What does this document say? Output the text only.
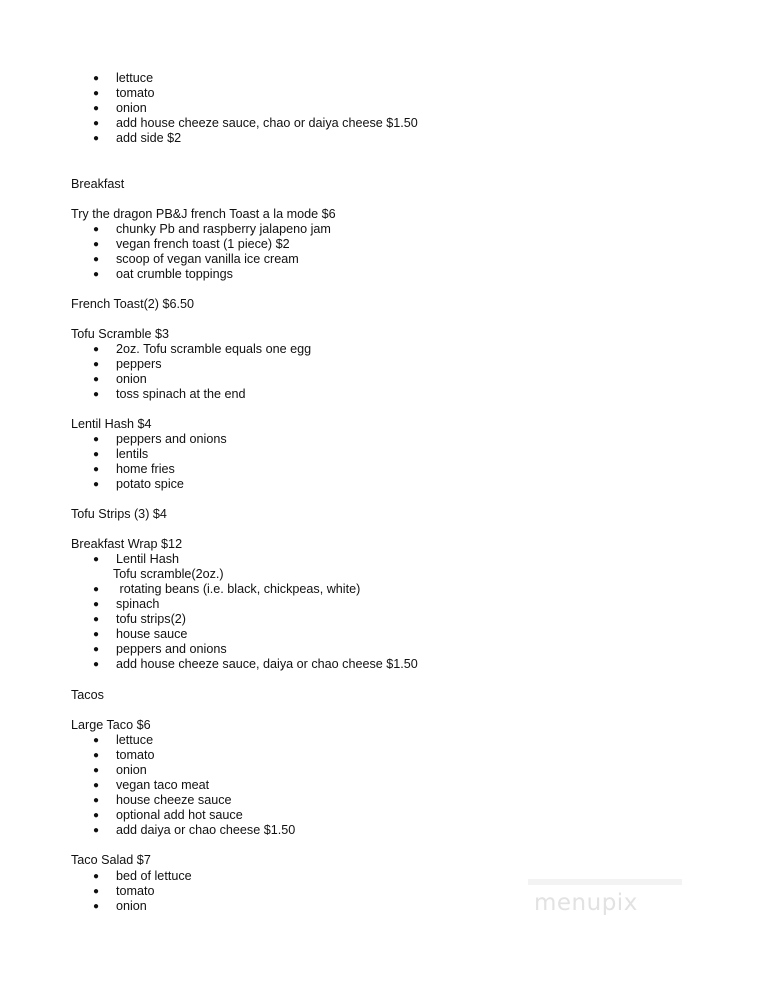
● lettuce
● tomato
● onion
● add house cheeze sauce, chao or daiya cheese $1.50
● add side $2
Breakfast
Try the dragon PB&J french Toast a la mode $6
● chunky Pb and raspberry jalapeno jam
● vegan french toast (1 piece) $2
● scoop of vegan vanilla ice cream
● oat crumble toppings
French Toast(2) $6.50
Tofu Scramble $3
● 2oz. Tofu scramble equals one egg
● peppers
● onion
● toss spinach at the end
Lentil Hash $4
● peppers and onions
● lentils
● home fries
● potato spice
Tofu Strips (3) $4
Breakfast Wrap $12
● Lentil Hash
Tofu scramble(2oz.)
● rotating beans (i.e. black, chickpeas, white)
● spinach
● tofu strips(2)
● house sauce
● peppers and onions
● add house cheeze sauce, daiya or chao cheese $1.50
Tacos
Large Taco $6
● lettuce
● tomato
● onion
● vegan taco meat
● house cheeze sauce
● optional add hot sauce
● add daiya or chao cheese $1.50
Taco Salad $7
● bed of lettuce
● tomato
● onion	menupix
